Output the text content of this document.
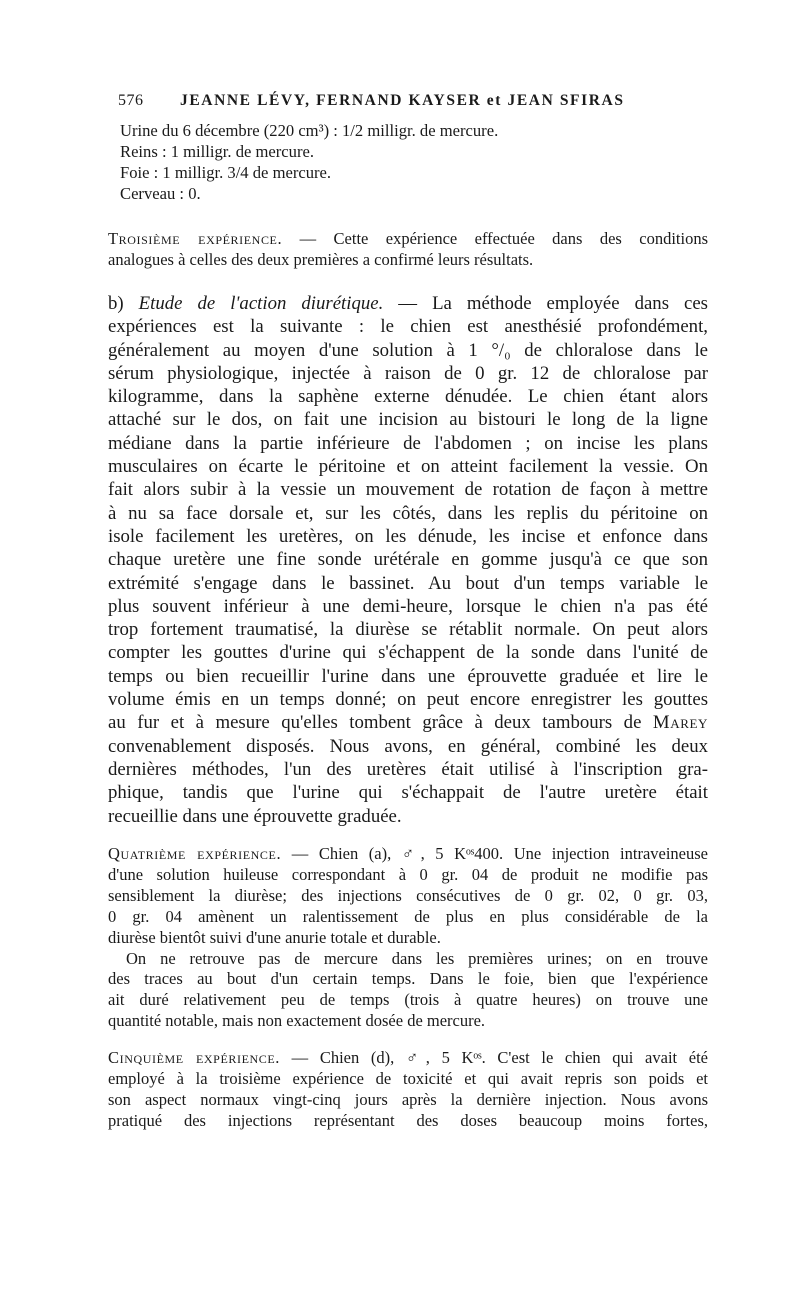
576 JEANNE LÉVY, FERNAND KAYSER et JEAN SFIRAS
Urine du 6 décembre (220 cm³) : 1/2 milligr. de mercure.
Reins : 1 milligr. de mercure.
Foie : 1 milligr. 3/4 de mercure.
Cerveau : 0.
Troisième expérience. — Cette expérience effectuée dans des conditions
analogues à celles des deux premières a confirmé leurs résultats.
b) Etude de l'action diurétique. — La méthode employée dans ces
expériences est la suivante : le chien est anesthésié profondément,
généralement au moyen d'une solution à 1 °/₀ de chloralose dans le
sérum physiologique, injectée à raison de 0 gr. 12 de chloralose par
kilogramme, dans la saphène externe dénudée. Le chien étant alors
attaché sur le dos, on fait une incision au bistouri le long de la ligne
médiane dans la partie inférieure de l'abdomen ; on incise les plans
musculaires on écarte le péritoine et on atteint facilement la vessie. On
fait alors subir à la vessie un mouvement de rotation de façon à mettre
à nu sa face dorsale et, sur les côtés, dans les replis du péritoine on
isole facilement les uretères, on les dénude, les incise et enfonce dans
chaque uretère une fine sonde urétérale en gomme jusqu'à ce que son
extrémité s'engage dans le bassinet. Au bout d'un temps variable le
plus souvent inférieur à une demi-heure, lorsque le chien n'a pas été
trop fortement traumatisé, la diurèse se rétablit normale. On peut alors
compter les gouttes d'urine qui s'échappent de la sonde dans l'unité de
temps ou bien recueillir l'urine dans une éprouvette graduée et lire le
volume émis en un temps donné; on peut encore enregistrer les gouttes
au fur et à mesure qu'elles tombent grâce à deux tambours de Marey
convenablement disposés. Nous avons, en général, combiné les deux
dernières méthodes, l'un des uretères était utilisé à l'inscription gra-
phique, tandis que l'urine qui s'échappait de l'autre uretère était
recueillie dans une éprouvette graduée.
Quatrième expérience. — Chien (a), ♂, 5 Kᵒˢ400. Une injection intraveineuse
d'une solution huileuse correspondant à 0 gr. 04 de produit ne modifie pas
sensiblement la diurèse; des injections consécutives de 0 gr. 02, 0 gr. 03,
0 gr. 04 amènent un ralentissement de plus en plus considérable de la
diurèse bientôt suivi d'une anurie totale et durable.
On ne retrouve pas de mercure dans les premières urines; on en trouve
des traces au bout d'un certain temps. Dans le foie, bien que l'expérience
ait duré relativement peu de temps (trois à quatre heures) on trouve une
quantité notable, mais non exactement dosée de mercure.
Cinquième expérience. — Chien (d), ♂, 5 Kᵒˢ. C'est le chien qui avait été
employé à la troisième expérience de toxicité et qui avait repris son poids et
son aspect normaux vingt-cinq jours après la dernière injection. Nous avons
pratiqué des injections représentant des doses beaucoup moins fortes,
